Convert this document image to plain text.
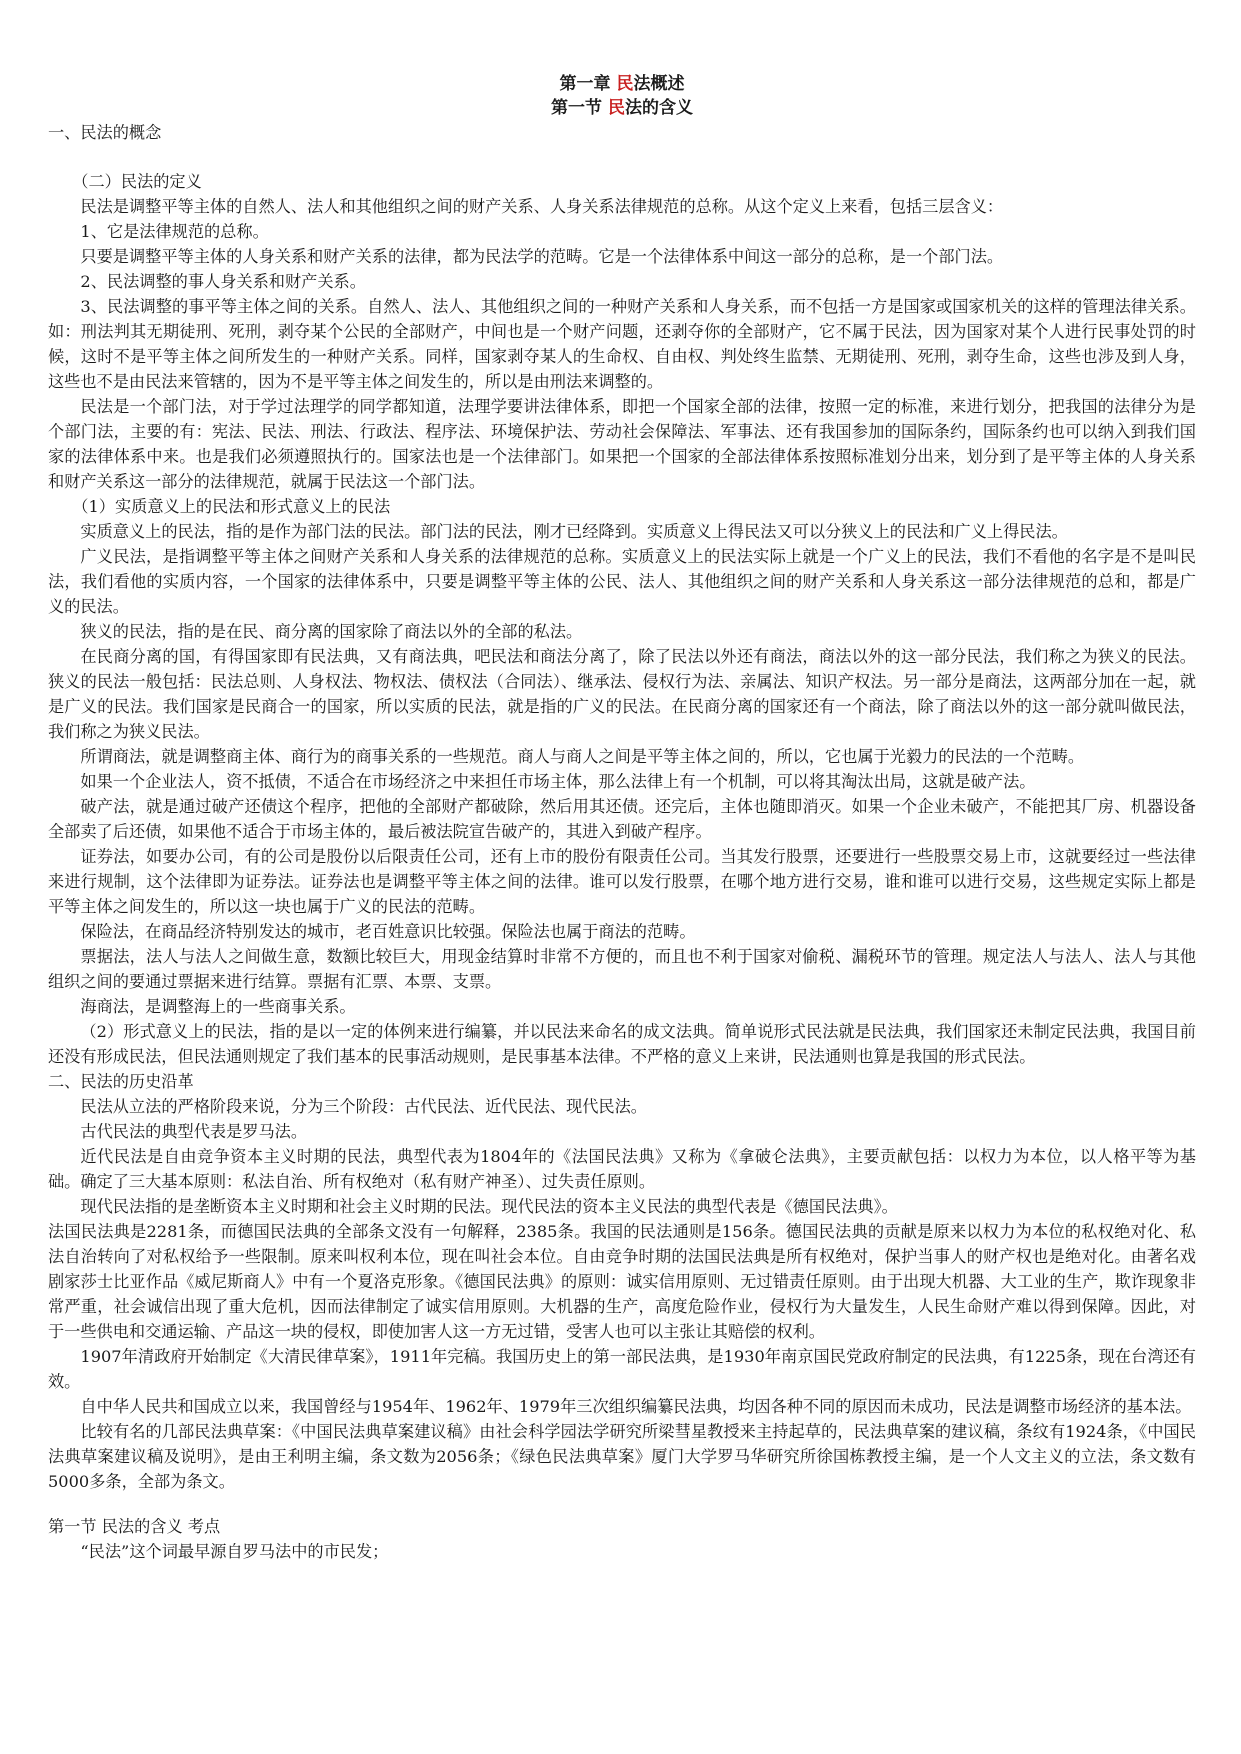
第一章 民法概述
第一节 民法的含义

一、民法的概念

（二）民法的定义

民法是调整平等主体的自然人、法人和其他组织之间的财产关系、人身关系法律规范的总称。从这个定义上来看，包括三层含义：

1、它是法律规范的总称。

只要是调整平等主体的人身关系和财产关系的法律，都为民法学的范畴。它是一个法律体系中间这一部分的总称，是一个部门法。

2、民法调整的事人身关系和财产关系。

3、民法调整的事平等主体之间的关系。自然人、法人、其他组织之间的一种财产关系和人身关系，而不包括一方是国家或国家机关的这样的管理法律关系。如：刑法判其无期徒刑、死刑，剥夺某个公民的全部财产，中间也是一个财产问题，还剥夺你的全部财产，它不属于民法，因为国家对某个人进行民事处罚的时候，这时不是平等主体之间所发生的一种财产关系。同样，国家剥夺某人的生命权、自由权、判处终生监禁、无期徒刑、死刑，剥夺生命，这些也涉及到人身，这些也不是由民法来管辖的，因为不是平等主体之间发生的，所以是由刑法来调整的。

民法是一个部门法，对于学过法理学的同学都知道，法理学要讲法律体系，即把一个国家全部的法律，按照一定的标准，来进行划分，把我国的法律分为是个部门法，主要的有：宪法、民法、刑法、行政法、程序法、环境保护法、劳动社会保障法、军事法、还有我国参加的国际条约，国际条约也可以纳入到我们国家的法律体系中来。也是我们必须遵照执行的。国家法也是一个法律部门。如果把一个国家的全部法律体系按照标准划分出来，划分到了是平等主体的人身关系和财产关系这一部分的法律规范，就属于民法这一个部门法。

（1）实质意义上的民法和形式意义上的民法

实质意义上的民法，指的是作为部门法的民法。部门法的民法，刚才已经降到。实质意义上得民法又可以分狭义上的民法和广义上得民法。

广义民法，是指调整平等主体之间财产关系和人身关系的法律规范的总称。实质意义上的民法实际上就是一个广义上的民法，我们不看他的名字是不是叫民法，我们看他的实质内容，一个国家的法律体系中，只要是调整平等主体的公民、法人、其他组织之间的财产关系和人身关系这一部分法律规范的总和，都是广义的民法。

狭义的民法，指的是在民、商分离的国家除了商法以外的全部的私法。

在民商分离的国，有得国家即有民法典，又有商法典，吧民法和商法分离了，除了民法以外还有商法，商法以外的这一部分民法，我们称之为狭义的民法。狭义的民法一般包括：民法总则、人身权法、物权法、债权法（合同法）、继承法、侵权行为法、亲属法、知识产权法。另一部分是商法，这两部分加在一起，就是广义的民法。我们国家是民商合一的国家，所以实质的民法，就是指的广义的民法。在民商分离的国家还有一个商法，除了商法以外的这一部分就叫做民法，我们称之为狭义民法。

所谓商法，就是调整商主体、商行为的商事关系的一些规范。商人与商人之间是平等主体之间的，所以，它也属于光毅力的民法的一个范畴。

如果一个企业法人，资不抵债，不适合在市场经济之中来担任市场主体，那么法律上有一个机制，可以将其淘汰出局，这就是破产法。

破产法，就是通过破产还债这个程序，把他的全部财产都破除，然后用其还债。还完后，主体也随即消灭。如果一个企业未破产，不能把其厂房、机器设备全部卖了后还债，如果他不适合于市场主体的，最后被法院宣告破产的，其进入到破产程序。

证券法，如要办公司，有的公司是股份以后限责任公司，还有上市的股份有限责任公司。当其发行股票，还要进行一些股票交易上市，这就要经过一些法律来进行规制，这个法律即为证券法。证券法也是调整平等主体之间的法律。谁可以发行股票，在哪个地方进行交易，谁和谁可以进行交易，这些规定实际上都是平等主体之间发生的，所以这一块也属于广义的民法的范畴。

保险法，在商品经济特别发达的城市，老百姓意识比较强。保险法也属于商法的范畴。

票据法，法人与法人之间做生意，数额比较巨大，用现金结算时非常不方便的，而且也不利于国家对偷税、漏税环节的管理。规定法人与法人、法人与其他组织之间的要通过票据来进行结算。票据有汇票、本票、支票。

海商法，是调整海上的一些商事关系。

（2）形式意义上的民法，指的是以一定的体例来进行编纂，并以民法来命名的成文法典。简单说形式民法就是民法典，我们国家还未制定民法典，我国目前还没有形成民法，但民法通则规定了我们基本的民事活动规则，是民事基本法律。不严格的意义上来讲，民法通则也算是我国的形式民法。

二、民法的历史沿革

民法从立法的严格阶段来说，分为三个阶段：古代民法、近代民法、现代民法。

古代民法的典型代表是罗马法。

近代民法是自由竞争资本主义时期的民法，典型代表为1804年的《法国民法典》又称为《拿破仑法典》，主要贡献包括：以权力为本位，以人格平等为基础。确定了三大基本原则：私法自治、所有权绝对（私有财产神圣）、过失责任原则。

现代民法指的是垄断资本主义时期和社会主义时期的民法。现代民法的资本主义民法的典型代表是《德国民法典》。

法国民法典是2281条，而德国民法典的全部条文没有一句解释，2385条。我国的民法通则是156条。德国民法典的贡献是原来以权力为本位的私权绝对化、私法自治转向了对私权给予一些限制。原来叫权利本位，现在叫社会本位。自由竞争时期的法国民法典是所有权绝对，保护当事人的财产权也是绝对化。由著名戏剧家莎士比亚作品《威尼斯商人》中有一个夏洛克形象。《德国民法典》的原则：诚实信用原则、无过错责任原则。由于出现大机器、大工业的生产，欺诈现象非常严重，社会诚信出现了重大危机，因而法律制定了诚实信用原则。大机器的生产，高度危险作业，侵权行为大量发生，人民生命财产难以得到保障。因此，对于一些供电和交通运输、产品这一块的侵权，即使加害人这一方无过错，受害人也可以主张让其赔偿的权利。

1907年清政府开始制定《大清民律草案》，1911年完稿。我国历史上的第一部民法典，是1930年南京国民党政府制定的民法典，有1225条，现在台湾还有效。

自中华人民共和国成立以来，我国曾经与1954年、1962年、1979年三次组织编纂民法典，均因各种不同的原因而未成功，民法是调整市场经济的基本法。

比较有名的几部民法典草案：《中国民法典草案建议稿》由社会科学园法学研究所梁彗星教授来主持起草的，民法典草案的建议稿，条纹有1924条，《中国民法典草案建议稿及说明》，是由王利明主编，条文数为2056条；《绿色民法典草案》厦门大学罗马华研究所徐国栋教授主编，是一个人文主义的立法，条文数有5000多条，全部为条文。

第一节 民法的含义 考点

“民法”这个词最早源自罗马法中的市民发；
